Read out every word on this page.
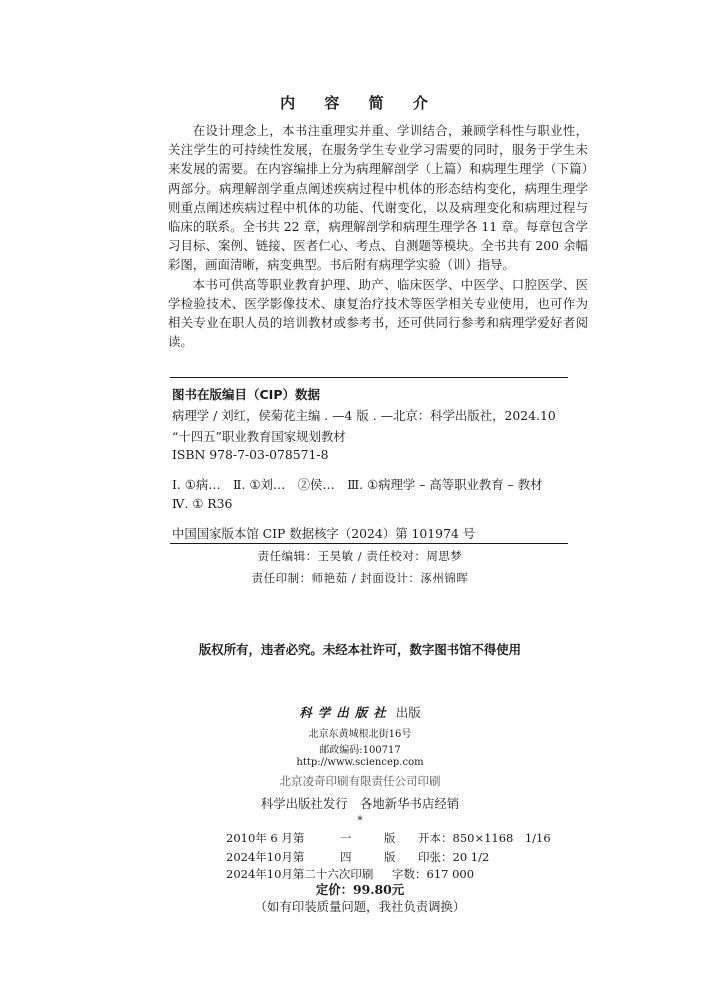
内 容 简 介

在设计理念上，本书注重理实并重、学训结合，兼顾学科性与职业性，关注学生的可持续性发展，在服务学生专业学习需要的同时，服务于学生未来发展的需要。在内容编排上分为病理解剖学（上篇）和病理生理学（下篇）两部分。病理解剖学重点阐述疾病过程中机体的形态结构变化，病理生理学则重点阐述疾病过程中机体的功能、代谢变化，以及病理变化和病理过程与临床的联系。全书共 22 章，病理解剖学和病理生理学各 11 章。每章包含学习目标、案例、链接、医者仁心、考点、自测题等模块。全书共有 200 余幅彩图，画面清晰，病变典型。书后附有病理学实验（训）指导。

本书可供高等职业教育护理、助产、临床医学、中医学、口腔医学、医学检验技术、医学影像技术、康复治疗技术等医学相关专业使用，也可作为相关专业在职人员的培训教材或参考书，还可供同行参考和病理学爱好者阅读。

图书在版编目（CIP）数据
病理学 / 刘红，侯菊花主编 . —4 版 . —北京：科学出版社，2024.10
“十四五”职业教育国家规划教材
ISBN 978-7-03-078571-8
Ⅰ. ①病…　Ⅱ. ①刘…　②侯…　Ⅲ. ①病理学 – 高等职业教育 – 教材
Ⅳ. ① R36
中国国家版本馆 CIP 数据核字（2024）第 101974 号
责任编辑：王昊敏 / 责任校对：周思梦
责任印制：师艳茹 / 封面设计：涿州锦晖
版权所有，违者必究。未经本社许可，数字图书馆不得使用
科学出版社 出版
北京东黄城根北街16号
邮政编码:100717
http://www.sciencep.com
北京凌奇印刷有限责任公司印刷
科学出版社发行　各地新华书店经销
*
2010年 6 月第	一	版 开本：850×1168　1/16
2024年10月第	四	版 印张：20 1/2
2024年10月第二十六次印刷 字数：617 000
定价：99.80元
（如有印装质量问题，我社负责调换）
